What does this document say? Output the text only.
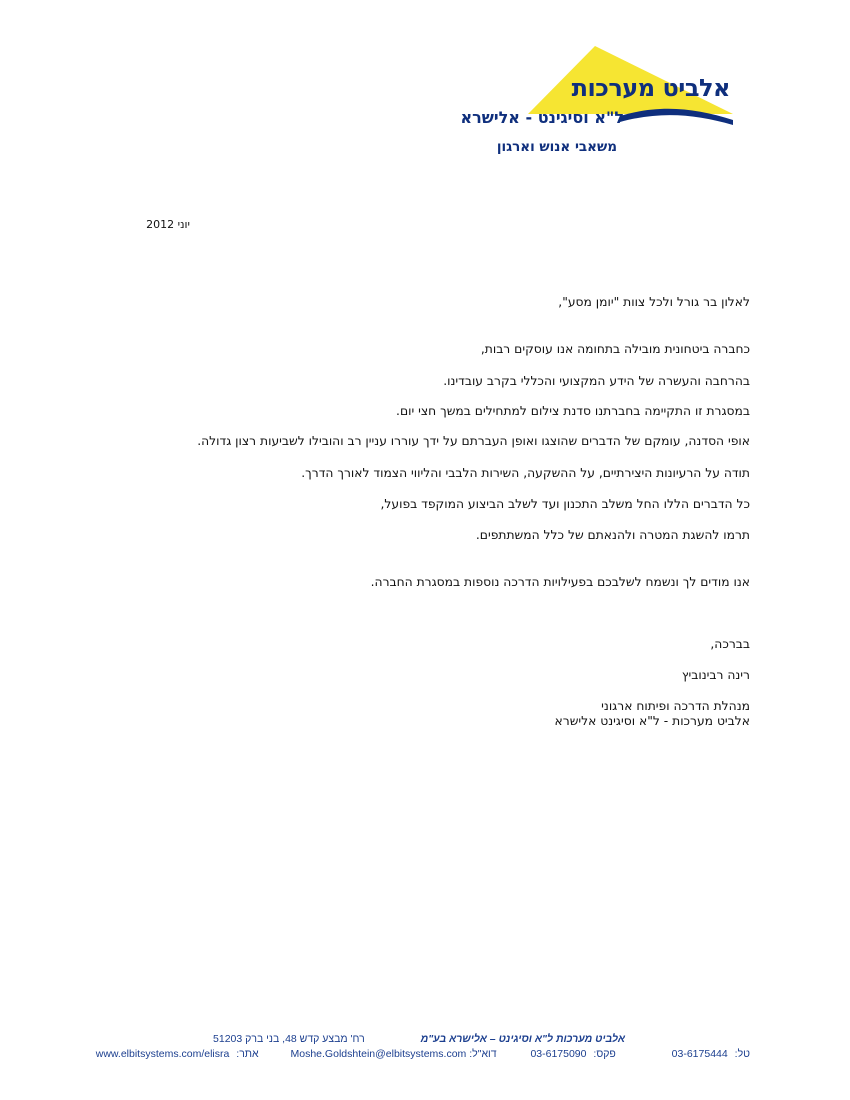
אלביט מערכות
ל"א וסיגינט - אלישרא
משאבי אנוש וארגון
יוני 2012

לאלון בר גורל ולכל צוות "יומן מסע",

כחברה ביטחונית מובילה בתחומה אנו עוסקים רבות,

בהרחבה והעשרה של הידע המקצועי והכללי בקרב עובדינו.

במסגרת זו התקיימה בחברתנו סדנת צילום למתחילים במשך חצי יום.

אופי הסדנה, עומקם של הדברים שהוצגו ואופן העברתם על ידך עוררו עניין רב והובילו לשביעות רצון גדולה.

תודה על הרעיונות היצירתיים, על ההשקעה, השירות הלבבי והליווי הצמוד לאורך הדרך.

כל הדברים הללו החל משלב התכנון ועד לשלב הביצוע המוקפד בפועל,

תרמו להשגת המטרה ולהנאתם של כלל המשתתפים.

אנו מודים לך ונשמח לשלבכם בפעילויות הדרכה נוספות במסגרת החברה.

בברכה,

רינה רבינוביץ

מנהלת הדרכה ופיתוח ארגוני

אלביט מערכות - ל"א וסיגינט אלישרא

אלביט מערכות ל"א וסיגינט – אלישרא בע"מ  רח' מבצע קדש 48, בני ברק 51203
טל: 03-6175444  פקס: 03-6175090  דוא"ל: Moshe.Goldshtein@elbitsystems.com  אתר: www.elbitsystems.com/elisra
